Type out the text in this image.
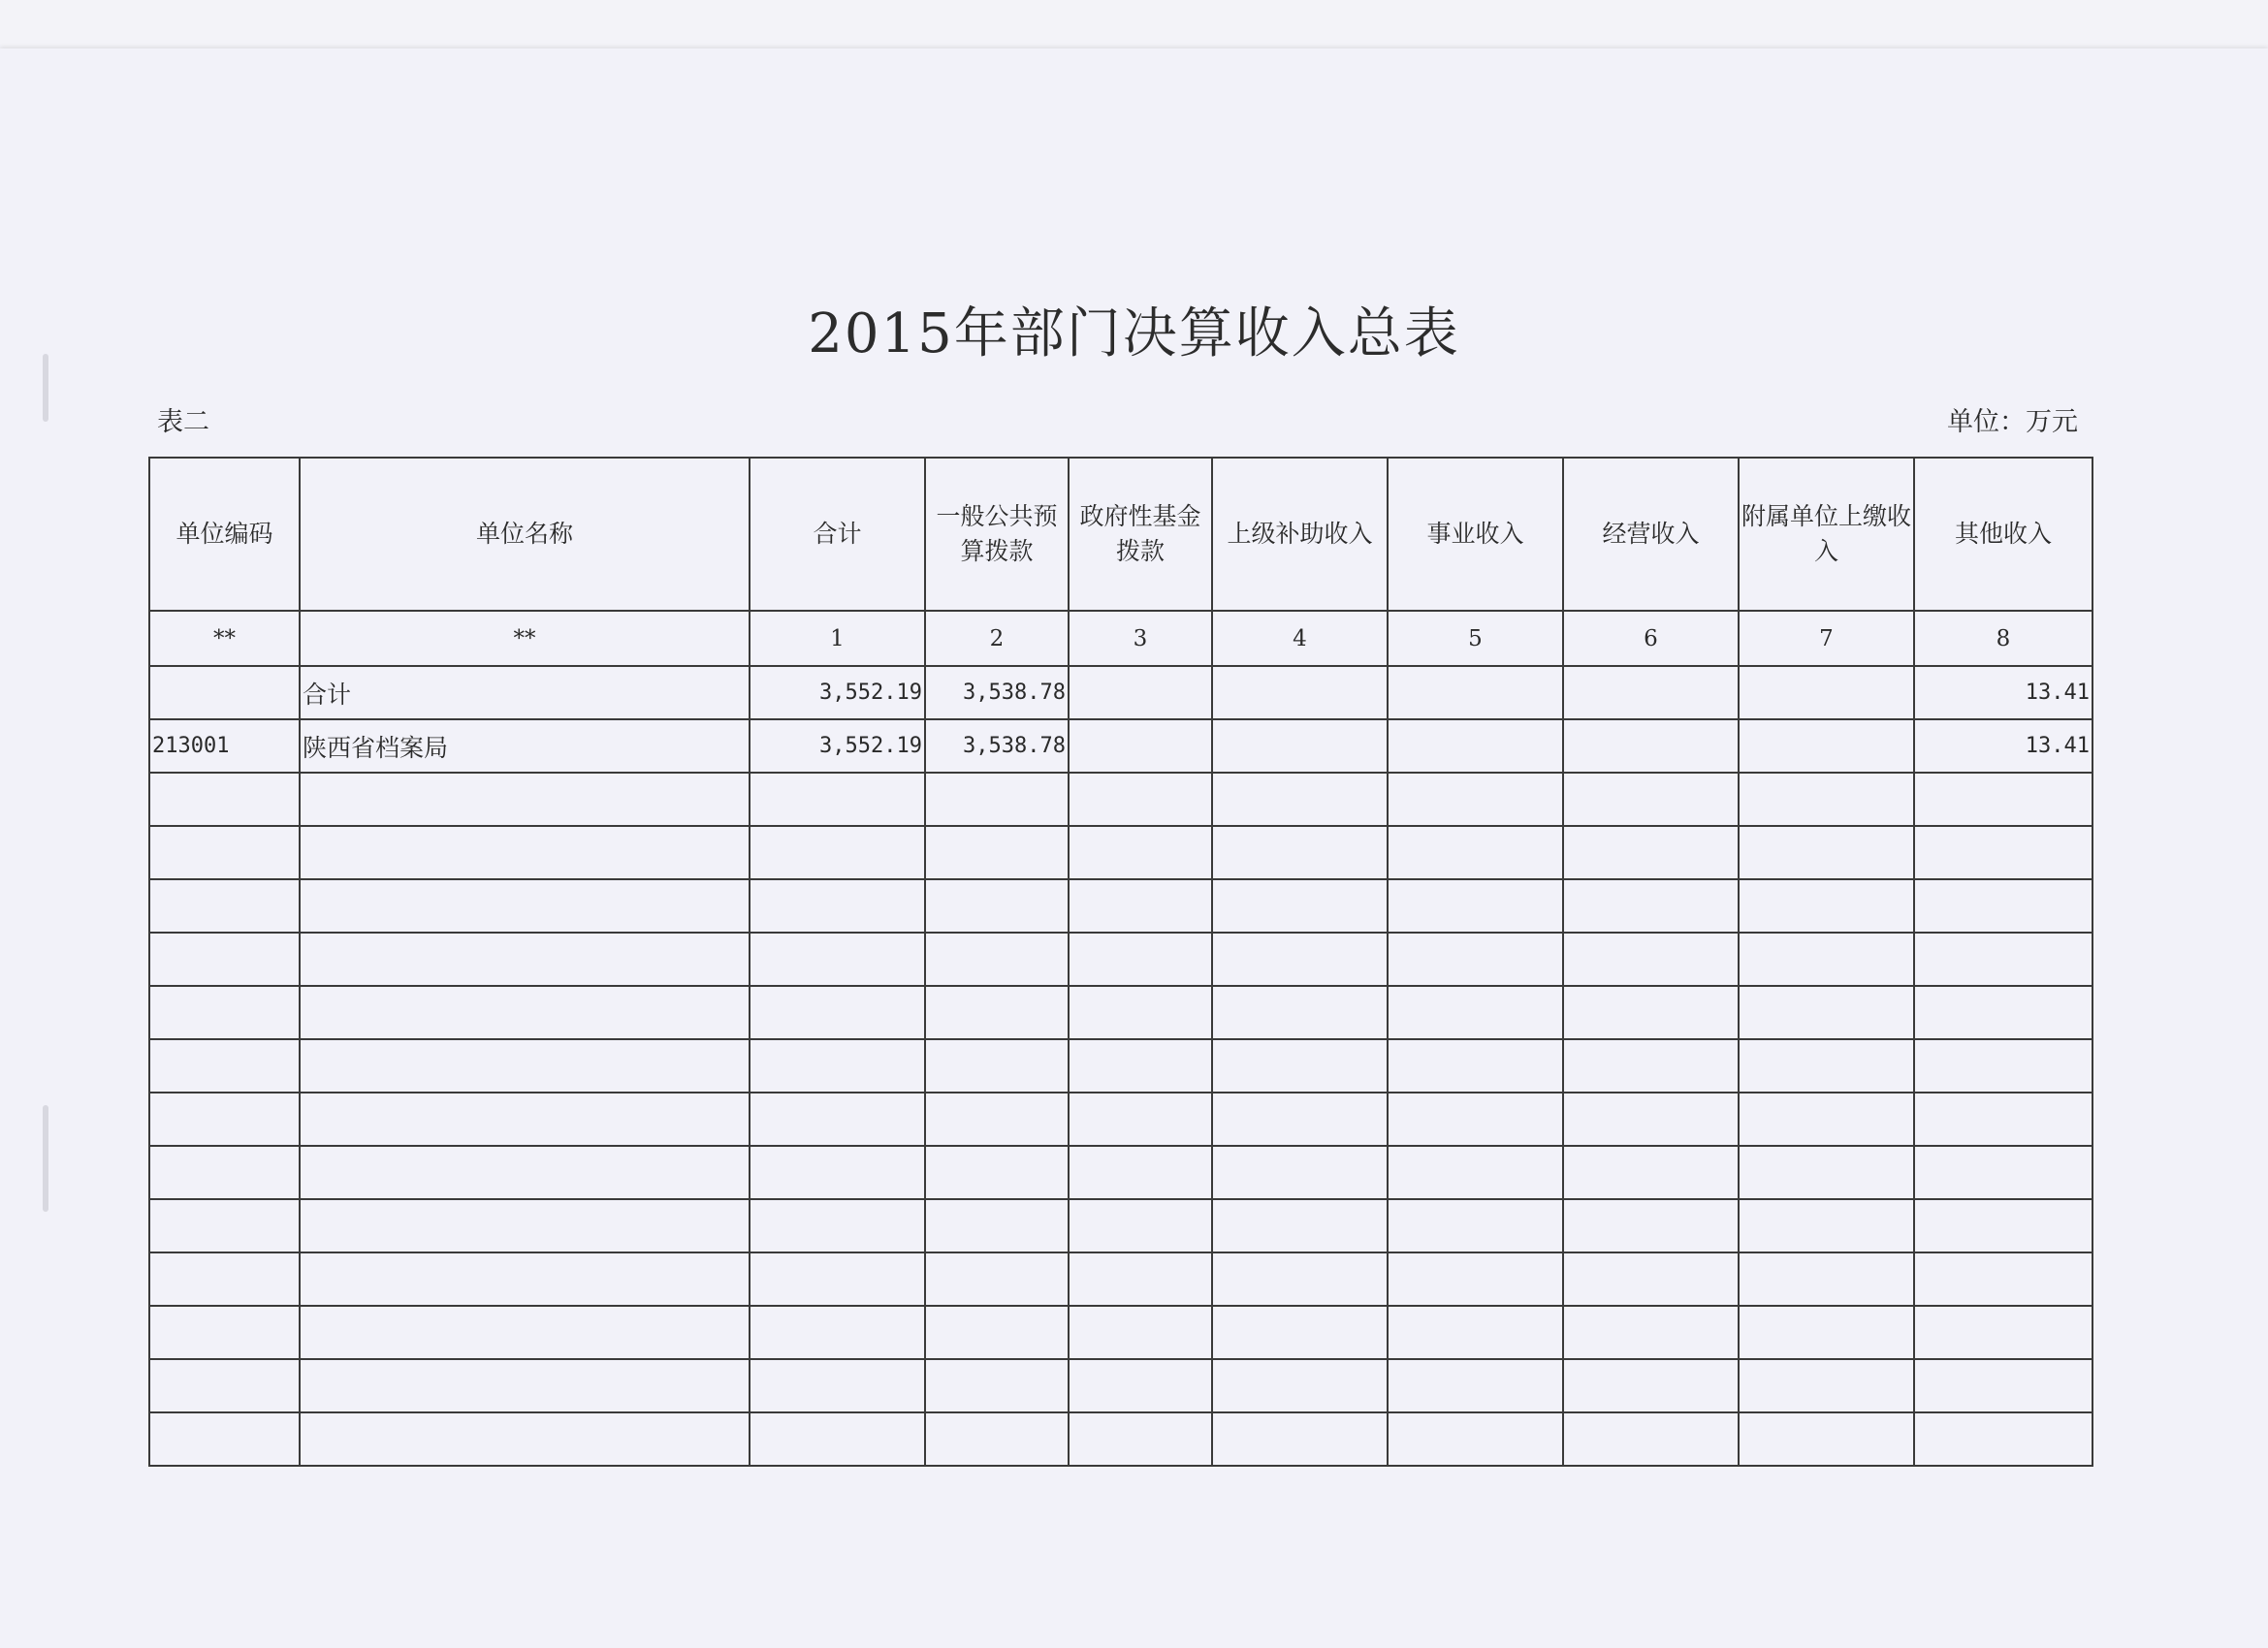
2015年部门决算收入总表
表二	单位：万元
单位编码	单位名称	合计	一般公共预算拨款	政府性基金拨款	上级补助收入	事业收入	经营收入	附属单位上缴收入	其他收入
**	**	1	2	3	4	5	6	7	8
	合计	3,552.19	3,538.78						13.41
213001	陕西省档案局	3,552.19	3,538.78						13.41
